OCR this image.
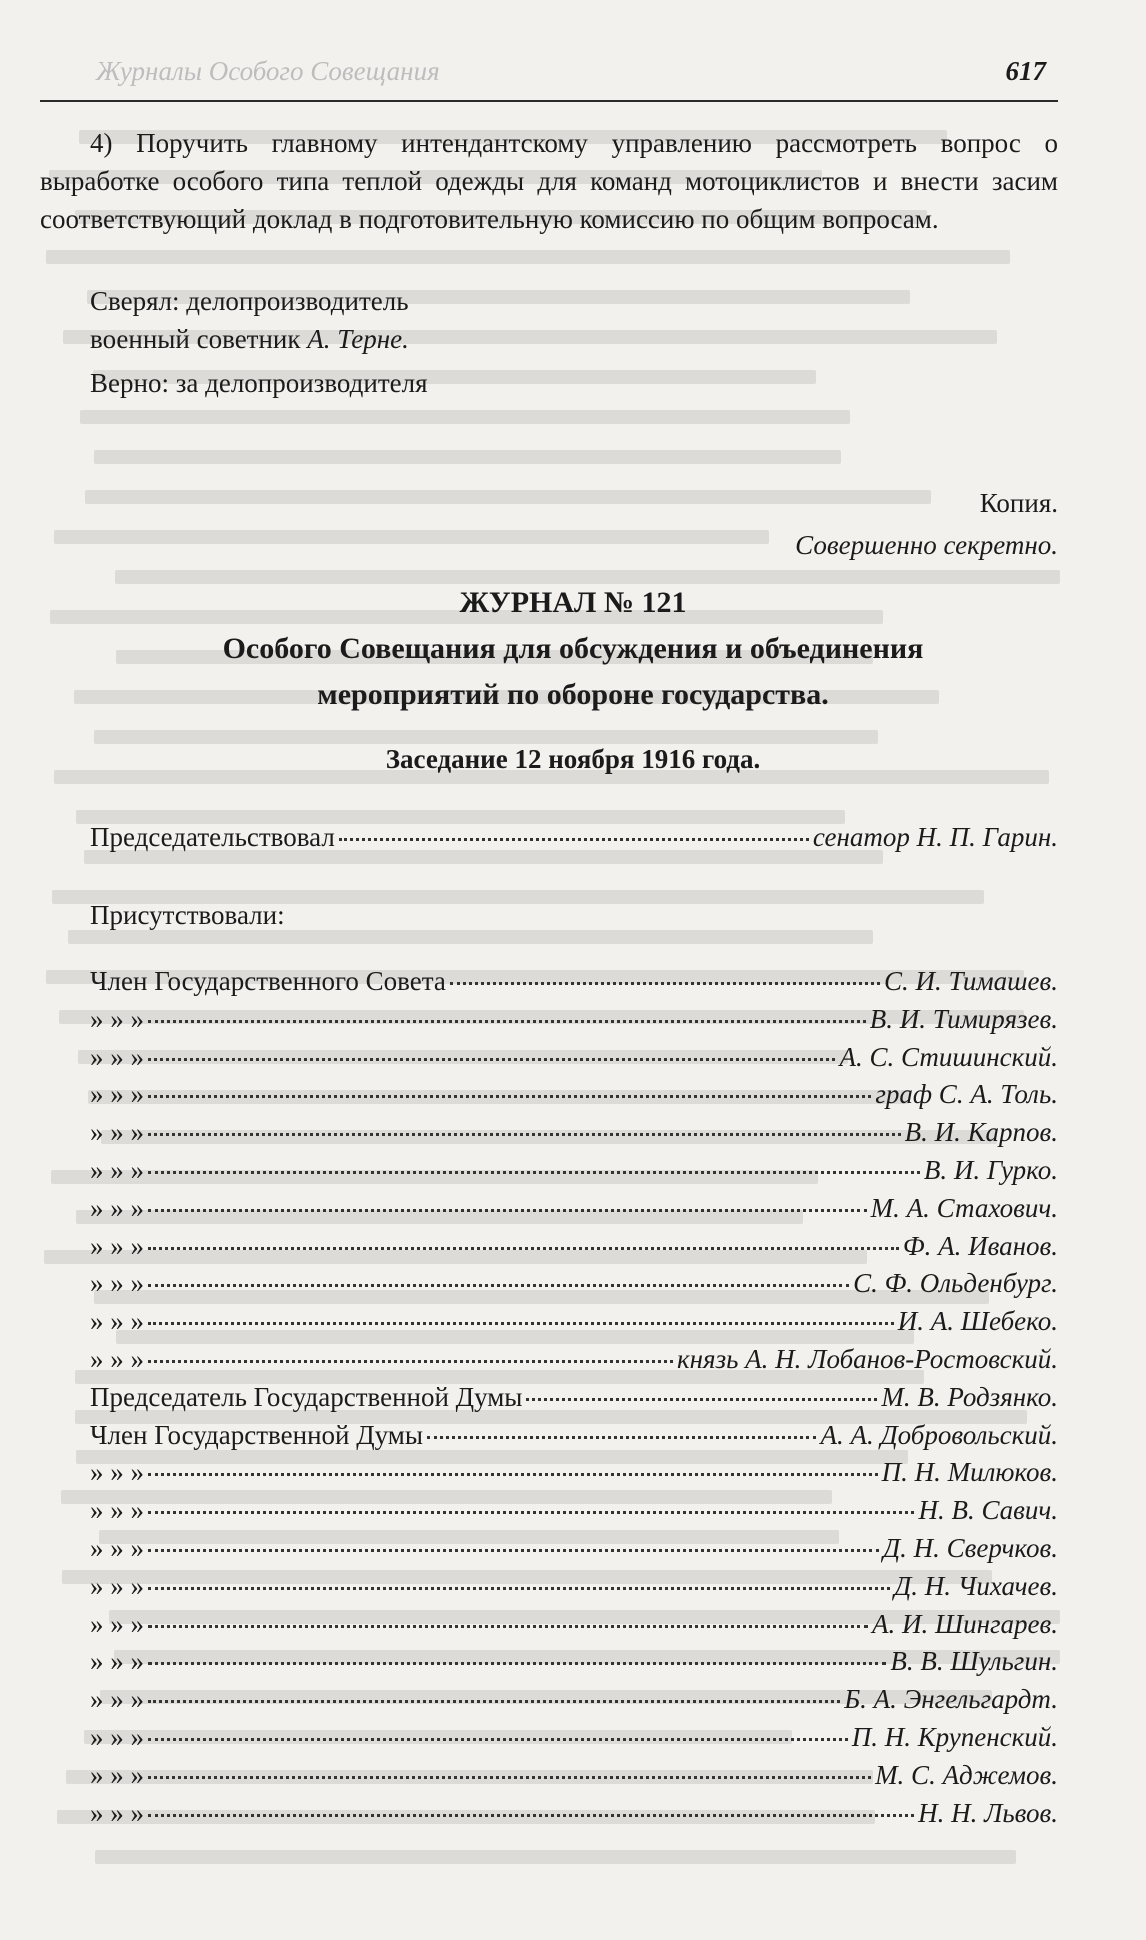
Журналы Особого Совещания	617
4) Поручить главному интендантскому управлению рассмотреть вопрос о выработке особого типа теплой одежды для команд мотоциклистов и внести засим соответствующий доклад в подготовительную комиссию по общим вопросам.
Сверял: делопроизводитель
военный советник А. Терне.
Верно: за делопроизводителя
Копия.
Совершенно секретно.
ЖУРНАЛ № 121
Особого Совещания для обсуждения и объединения
мероприятий по обороне государства.
Заседание 12 ноября 1916 года.
Председательствовал	сенатор Н. П. Гарин.
Присутствовали:
Член Государственного Совета	С. И. Тимашев.
» » »	В. И. Тимирязев.
» » »	А. С. Стишинский.
» » »	граф С. А. Толь.
» » »	В. И. Карпов.
» » »	В. И. Гурко.
» » »	М. А. Стахович.
» » »	Ф. А. Иванов.
» » »	С. Ф. Ольденбург.
» » »	И. А. Шебеко.
» » »	князь А. Н. Лобанов-Ростовский.
Председатель Государственной Думы	М. В. Родзянко.
Член Государственной Думы	А. А. Добровольский.
» » »	П. Н. Милюков.
» » »	Н. В. Савич.
» » »	Д. Н. Сверчков.
» » »	Д. Н. Чихачев.
» » »	А. И. Шингарев.
» » »	В. В. Шульгин.
» » »	Б. А. Энгельгардт.
» » »	П. Н. Крупенский.
» » »	М. С. Аджемов.
» » »	Н. Н. Львов.
